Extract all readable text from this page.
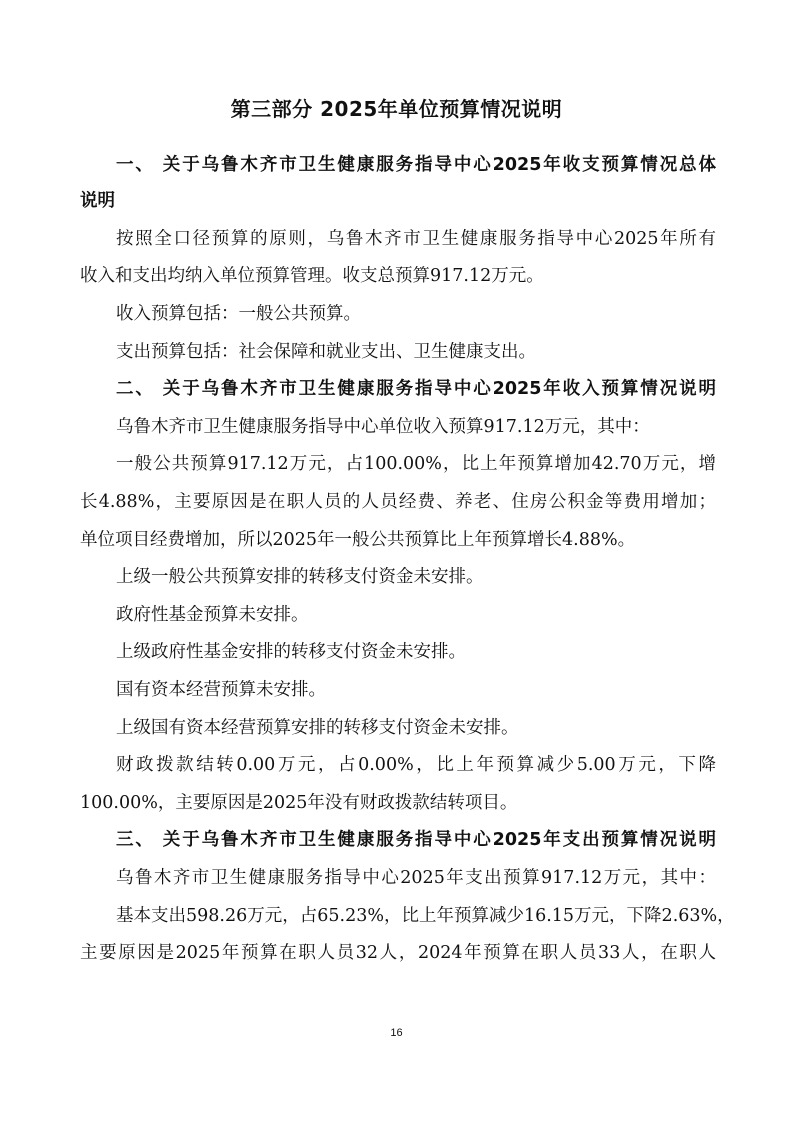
第三部分 2025年单位预算情况说明
一、 关于乌鲁木齐市卫生健康服务指导中心2025年收支预算情况总体
说明
按照全口径预算的原则，乌鲁木齐市卫生健康服务指导中心2025年所有
收入和支出均纳入单位预算管理。收支总预算917.12万元。
收入预算包括：一般公共预算。
支出预算包括：社会保障和就业支出、卫生健康支出。
二、 关于乌鲁木齐市卫生健康服务指导中心2025年收入预算情况说明
乌鲁木齐市卫生健康服务指导中心单位收入预算917.12万元，其中：
一般公共预算917.12万元，占100.00%，比上年预算增加42.70万元，增
长4.88%，主要原因是在职人员的人员经费、养老、住房公积金等费用增加；
单位项目经费增加，所以2025年一般公共预算比上年预算增长4.88%。
上级一般公共预算安排的转移支付资金未安排。
政府性基金预算未安排。
上级政府性基金安排的转移支付资金未安排。
国有资本经营预算未安排。
上级国有资本经营预算安排的转移支付资金未安排。
财政拨款结转0.00万元，占0.00%，比上年预算减少5.00万元，下降
100.00%，主要原因是2025年没有财政拨款结转项目。
三、 关于乌鲁木齐市卫生健康服务指导中心2025年支出预算情况说明
乌鲁木齐市卫生健康服务指导中心2025年支出预算917.12万元，其中：
基本支出598.26万元，占65.23%，比上年预算减少16.15万元，下降2.63%，
主要原因是2025年预算在职人员32人，2024年预算在职人员33人，在职人
16
